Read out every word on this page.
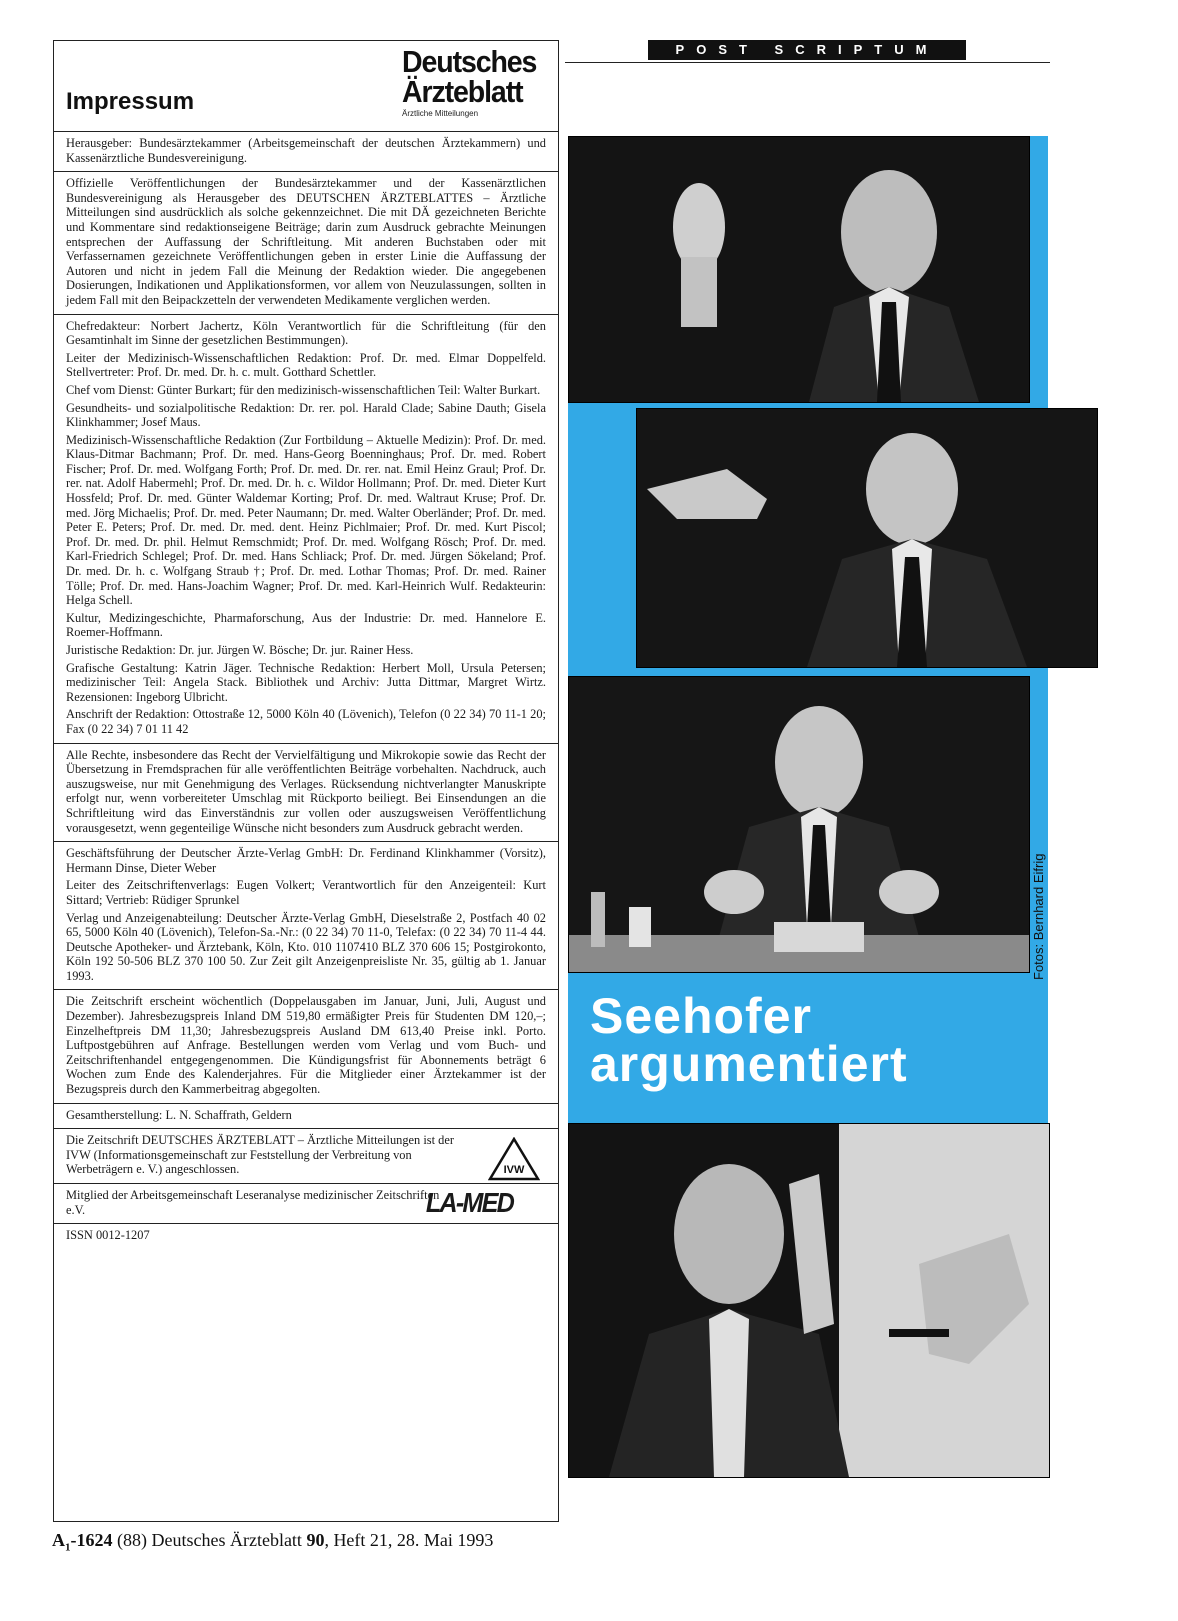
Impressum
Deutsches
Ärzteblatt
Ärztliche Mitteilungen

Herausgeber: Bundesärztekammer (Arbeitsgemeinschaft der deutschen Ärztekammern) und Kassenärztliche Bundesvereinigung.

Offizielle Veröffentlichungen der Bundesärztekammer und der Kassenärztlichen Bundesvereinigung als Herausgeber des DEUTSCHEN ÄRZTEBLATTES – Ärztliche Mitteilungen sind ausdrücklich als solche gekennzeichnet. Die mit DÄ gezeichneten Berichte und Kommentare sind redaktionseigene Beiträge; darin zum Ausdruck gebrachte Meinungen entsprechen der Auffassung der Schriftleitung. Mit anderen Buchstaben oder mit Verfassernamen gezeichnete Veröffentlichungen geben in erster Linie die Auffassung der Autoren und nicht in jedem Fall die Meinung der Redaktion wieder. Die angegebenen Dosierungen, Indikationen und Applikationsformen, vor allem von Neuzulassungen, sollten in jedem Fall mit den Beipackzetteln der verwendeten Medikamente verglichen werden.

Chefredakteur: Norbert Jachertz, Köln Verantwortlich für die Schriftleitung (für den Gesamtinhalt im Sinne der gesetzlichen Bestimmungen).

Leiter der Medizinisch-Wissenschaftlichen Redaktion: Prof. Dr. med. Elmar Doppelfeld. Stellvertreter: Prof. Dr. med. Dr. h. c. mult. Gotthard Schettler.

Chef vom Dienst: Günter Burkart; für den medizinisch-wissenschaftlichen Teil: Walter Burkart.

Gesundheits- und sozialpolitische Redaktion: Dr. rer. pol. Harald Clade; Sabine Dauth; Gisela Klinkhammer; Josef Maus.

Medizinisch-Wissenschaftliche Redaktion (Zur Fortbildung – Aktuelle Medizin): Prof. Dr. med. Klaus-Ditmar Bachmann; Prof. Dr. med. Hans-Georg Boenninghaus; Prof. Dr. med. Robert Fischer; Prof. Dr. med. Wolfgang Forth; Prof. Dr. med. Dr. rer. nat. Emil Heinz Graul; Prof. Dr. rer. nat. Adolf Habermehl; Prof. Dr. med. Dr. h. c. Wildor Hollmann; Prof. Dr. med. Dieter Kurt Hossfeld; Prof. Dr. med. Günter Waldemar Korting; Prof. Dr. med. Waltraut Kruse; Prof. Dr. med. Jörg Michaelis; Prof. Dr. med. Peter Naumann; Dr. med. Walter Oberländer; Prof. Dr. med. Peter E. Peters; Prof. Dr. med. Dr. med. dent. Heinz Pichlmaier; Prof. Dr. med. Kurt Piscol; Prof. Dr. med. Dr. phil. Helmut Remschmidt; Prof. Dr. med. Wolfgang Rösch; Prof. Dr. med. Karl-Friedrich Schlegel; Prof. Dr. med. Hans Schliack; Prof. Dr. med. Jürgen Sökeland; Prof. Dr. med. Dr. h. c. Wolfgang Straub †; Prof. Dr. med. Lothar Thomas; Prof. Dr. med. Rainer Tölle; Prof. Dr. med. Hans-Joachim Wagner; Prof. Dr. med. Karl-Heinrich Wulf. Redakteurin: Helga Schell.

Kultur, Medizingeschichte, Pharmaforschung, Aus der Industrie: Dr. med. Hannelore E. Roemer-Hoffmann.

Juristische Redaktion: Dr. jur. Jürgen W. Bösche; Dr. jur. Rainer Hess.

Grafische Gestaltung: Katrin Jäger. Technische Redaktion: Herbert Moll, Ursula Petersen; medizinischer Teil: Angela Stack. Bibliothek und Archiv: Jutta Dittmar, Margret Wirtz. Rezensionen: Ingeborg Ulbricht.

Anschrift der Redaktion: Ottostraße 12, 5000 Köln 40 (Lövenich), Telefon (0 22 34) 70 11-1 20; Fax (0 22 34) 7 01 11 42

Alle Rechte, insbesondere das Recht der Vervielfältigung und Mikrokopie sowie das Recht der Übersetzung in Fremdsprachen für alle veröffentlichten Beiträge vorbehalten. Nachdruck, auch auszugsweise, nur mit Genehmigung des Verlages. Rücksendung nichtverlangter Manuskripte erfolgt nur, wenn vorbereiteter Umschlag mit Rückporto beiliegt. Bei Einsendungen an die Schriftleitung wird das Einverständnis zur vollen oder auszugsweisen Veröffentlichung vorausgesetzt, wenn gegenteilige Wünsche nicht besonders zum Ausdruck gebracht werden.

Geschäftsführung der Deutscher Ärzte-Verlag GmbH: Dr. Ferdinand Klinkhammer (Vorsitz), Hermann Dinse, Dieter Weber

Leiter des Zeitschriftenverlags: Eugen Volkert; Verantwortlich für den Anzeigenteil: Kurt Sittard; Vertrieb: Rüdiger Sprunkel

Verlag und Anzeigenabteilung: Deutscher Ärzte-Verlag GmbH, Dieselstraße 2, Postfach 40 02 65, 5000 Köln 40 (Lövenich), Telefon-Sa.-Nr.: (0 22 34) 70 11-0, Telefax: (0 22 34) 70 11-4 44. Deutsche Apotheker- und Ärztebank, Köln, Kto. 010 1107410 BLZ 370 606 15; Postgirokonto, Köln 192 50-506 BLZ 370 100 50. Zur Zeit gilt Anzeigenpreisliste Nr. 35, gültig ab 1. Januar 1993.

Die Zeitschrift erscheint wöchentlich (Doppelausgaben im Januar, Juni, Juli, August und Dezember). Jahresbezugspreis Inland DM 519,80 ermäßigter Preis für Studenten DM 120,–; Einzelheftpreis DM 11,30; Jahresbezugspreis Ausland DM 613,40 Preise inkl. Porto. Luftpostgebühren auf Anfrage. Bestellungen werden vom Verlag und vom Buch- und Zeitschriftenhandel entgegengenommen. Die Kündigungsfrist für Abonnements beträgt 6 Wochen zum Ende des Kalenderjahres. Für die Mitglieder einer Ärztekammer ist der Bezugspreis durch den Kammerbeitrag abgegolten.

Gesamtherstellung: L. N. Schaffrath, Geldern

Die Zeitschrift DEUTSCHES ÄRZTEBLATT – Ärztliche Mitteilungen ist der IVW (Informationsgemeinschaft zur Feststellung der Verbreitung von Werbeträgern e. V.) angeschlossen.	IVW

Mitglied der Arbeitsgemeinschaft Leseranalyse medizinischer Zeitschriften e.V.	LA-MED

ISSN 0012-1207

POST SCRIPTUM
Seehofer
argumentiert
Fotos: Bernhard Eifrig
$A_1-1624$ (88) Deutsches Ärzteblatt 90, Heft 21, 28. Mai 1993
